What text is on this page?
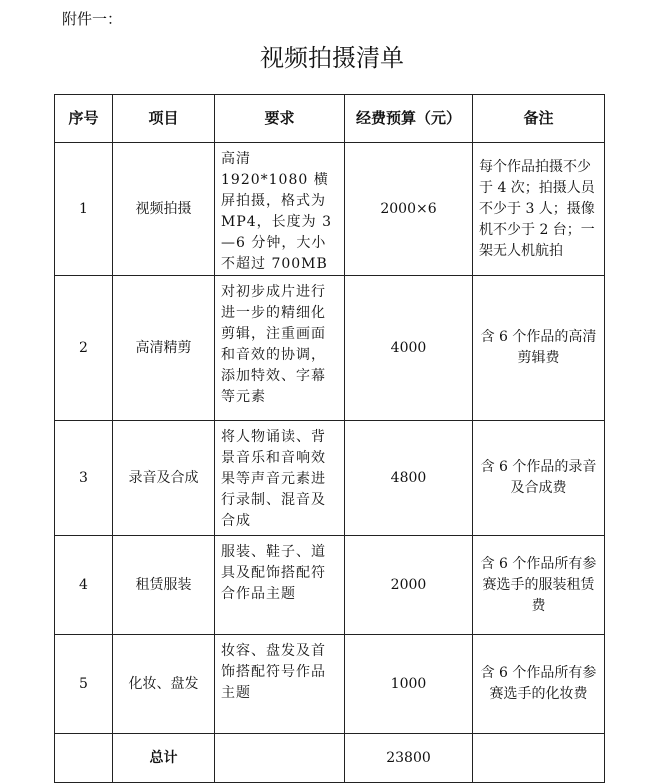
附件一：
视频拍摄清单
序号	项目	要求	经费预算（元）	备注
1	视频拍摄	高清 1920*1080 横屏拍摄，格式为 MP4，长度为 3—6 分钟，大小不超过 700MB	2000×6	每个作品拍摄不少于 4 次；拍摄人员不少于 3 人；摄像机不少于 2 台；一架无人机航拍
2	高清精剪	对初步成片进行进一步的精细化剪辑，注重画面和音效的协调，添加特效、字幕等元素	4000	含 6 个作品的高清剪辑费
3	录音及合成	将人物诵读、背景音乐和音响效果等声音元素进行录制、混音及合成	4800	含 6 个作品的录音及合成费
4	租赁服装	服装、鞋子、道具及配饰搭配符合作品主题	2000	含 6 个作品所有参赛选手的服装租赁费
5	化妆、盘发	妆容、盘发及首饰搭配符号作品主题	1000	含 6 个作品所有参赛选手的化妆费
	总计		23800	
